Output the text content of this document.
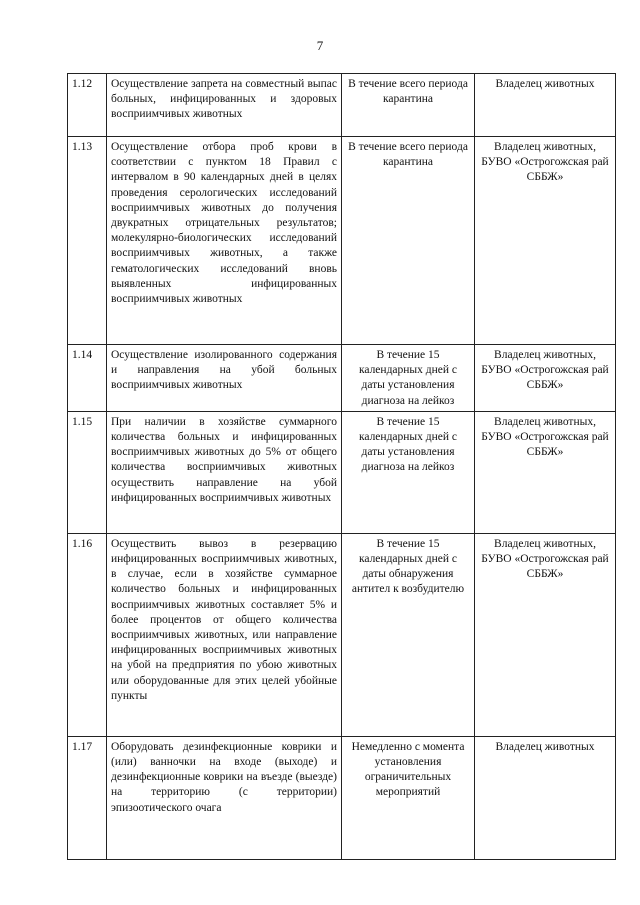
7
1.12	Осуществление запрета на совместный выпас больных, инфицированных и здоровых восприимчивых животных	В течение всего периода карантина	Владелец животных
1.13	Осуществление отбора проб крови в соответствии с пунктом 18 Правил с интервалом в 90 календарных дней в целях проведения серологических исследований восприимчивых животных до получения двукратных отрицательных результатов; молекулярно-биологических исследований восприимчивых животных, а также гематологических исследований вновь выявленных инфицированных восприимчивых животных	В течение всего периода карантина	Владелец животных, БУВО «Острогожская рай СББЖ»
1.14	Осуществление изолированного содержания и направления на убой больных восприимчивых животных	В течение 15 календарных дней с даты установления диагноза на лейкоз	Владелец животных, БУВО «Острогожская рай СББЖ»
1.15	При наличии в хозяйстве суммарного количества больных и инфицированных восприимчивых животных до 5% от общего количества восприимчивых животных осуществить направление на убой инфицированных восприимчивых животных	В течение 15 календарных дней с даты установления диагноза на лейкоз	Владелец животных, БУВО «Острогожская рай СББЖ»
1.16	Осуществить вывоз в резервацию инфицированных восприимчивых животных, в случае, если в хозяйстве суммарное количество больных и инфицированных восприимчивых животных составляет 5% и более процентов от общего количества восприимчивых животных, или направление инфицированных восприимчивых животных на убой на предприятия по убою животных или оборудованные для этих целей убойные пункты	В течение 15 календарных дней с даты обнаружения антител к возбудителю	Владелец животных, БУВО «Острогожская рай СББЖ»
1.17	Оборудовать дезинфекционные коврики и (или) ванночки на входе (выходе) и дезинфекционные коврики на въезде (выезде) на территорию (с территории) эпизоотического очага	Немедленно с момента установления ограничительных мероприятий	Владелец животных
